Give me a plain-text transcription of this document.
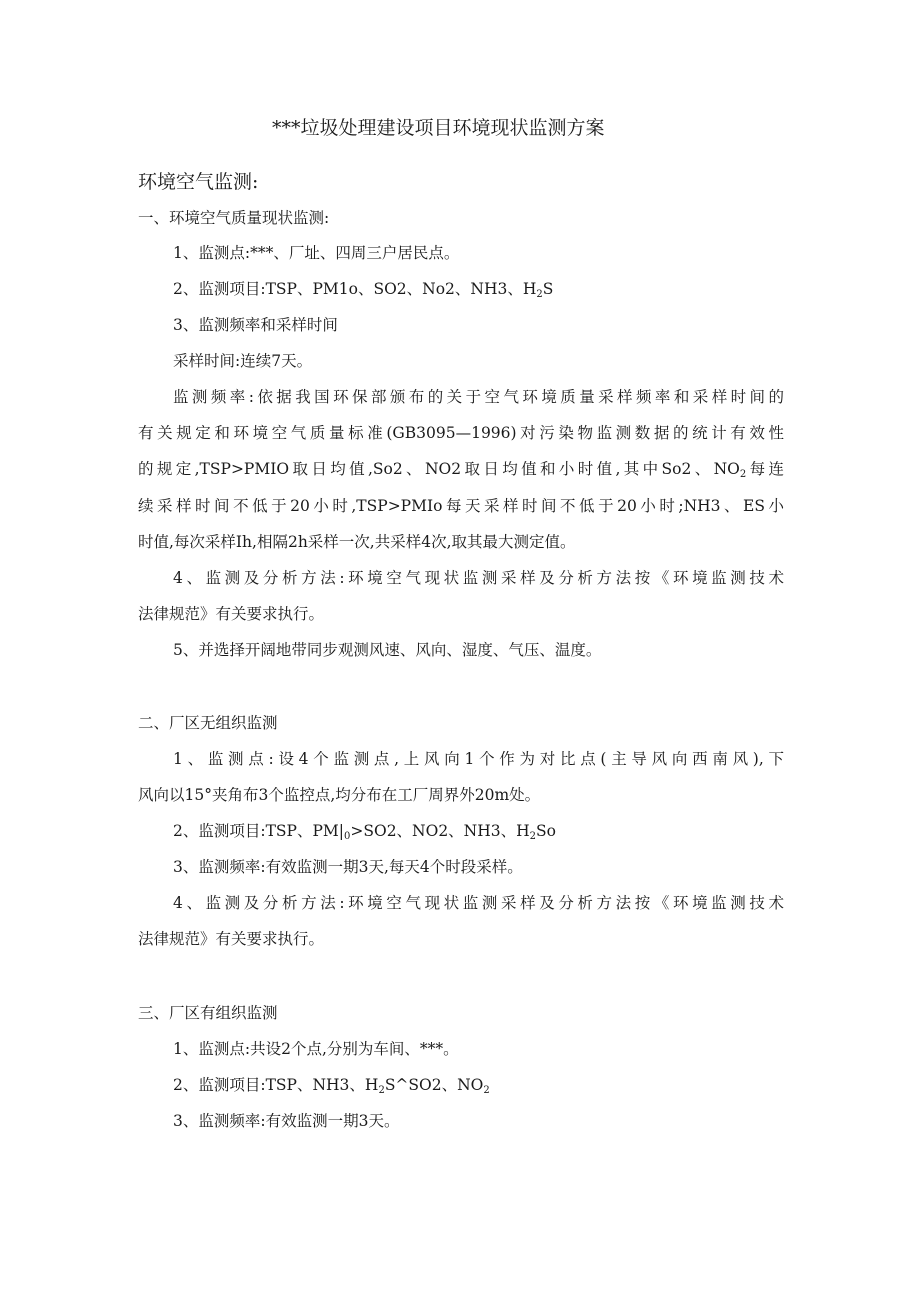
***垃圾处理建设项目环境现状监测方案
环境空气监测:
一、环境空气质量现状监测:
1、监测点:***、厂址、四周三户居民点。
2、监测项目:TSP、PM1o、SO2、No2、NH3、$H_2S$
3、监测频率和采样时间
采样时间:连续7天。
监测频率:依据我国环保部颁布的关于空气环境质量采样频率和采样时间的
有关规定和环境空气质量标准(GB3095—1996)对污染物监测数据的统计有效性
的规定,TSP>PMIO取日均值,So2、NO2取日均值和小时值,其中So2、$NO_2$每连
续采样时间不低于20小时,TSP>PMIo每天采样时间不低于20小时;NH3、ES小
时值,每次采样Ih,相隔2h采样一次,共采样4次,取其最大测定值。
4、监测及分析方法:环境空气现状监测采样及分析方法按《环境监测技术
法律规范》有关要求执行。
5、并选择开阔地带同步观测风速、风向、湿度、气压、温度。
二、厂区无组织监测
1、监测点:设4个监测点,上风向1个作为对比点(主导风向西南风),下
风向以15°夹角布3个监控点,均分布在工厂周界外20m处。
2、监测项目:TSP、$PM|_0>SO2$、NO2、NH3、$H_2So$
3、监测频率:有效监测一期3天,每天4个时段采样。
4、监测及分析方法:环境空气现状监测采样及分析方法按《环境监测技术
法律规范》有关要求执行。
三、厂区有组织监测
1、监测点:共设2个点,分别为车间、***。
2、监测项目:TSP、NH3、$H_2S\^{}SO2$、$NO_2$
3、监测频率:有效监测一期3天。
